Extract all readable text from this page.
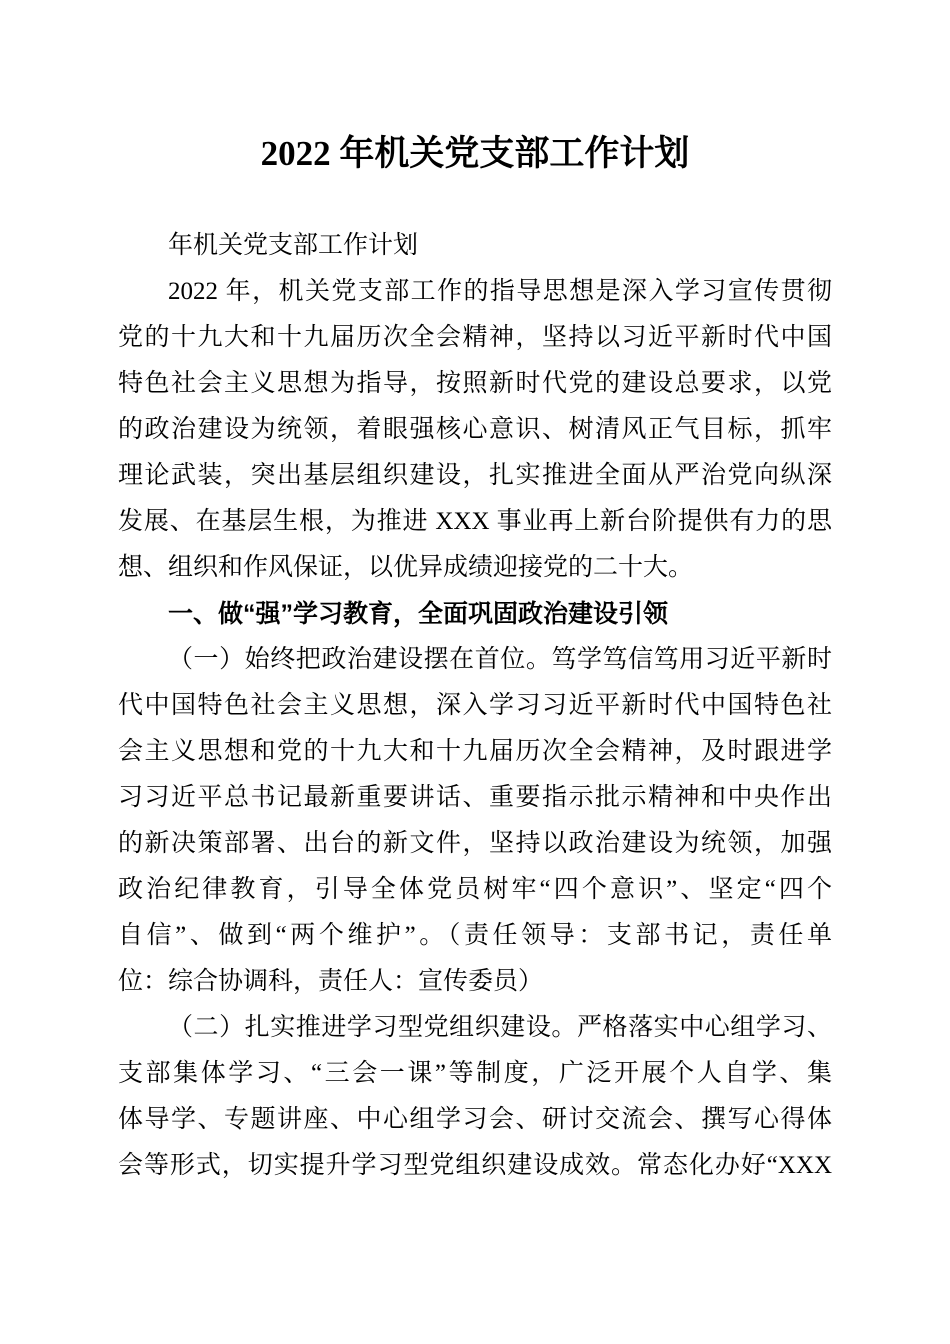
2022 年机关党支部工作计划
年机关党支部工作计划
2022 年，机关党支部工作的指导思想是深入学习宣传贯彻
党的十九大和十九届历次全会精神，坚持以习近平新时代中国
特色社会主义思想为指导，按照新时代党的建设总要求，以党
的政治建设为统领，着眼强核心意识、树清风正气目标，抓牢
理论武装，突出基层组织建设，扎实推进全面从严治党向纵深
发展、在基层生根，为推进 XXX 事业再上新台阶提供有力的思
想、组织和作风保证，以优异成绩迎接党的二十大。
一、做“强”学习教育，全面巩固政治建设引领
（一）始终把政治建设摆在首位。笃学笃信笃用习近平新时
代中国特色社会主义思想，深入学习习近平新时代中国特色社
会主义思想和党的十九大和十九届历次全会精神，及时跟进学
习习近平总书记最新重要讲话、重要指示批示精神和中央作出
的新决策部署、出台的新文件，坚持以政治建设为统领，加强
政治纪律教育，引导全体党员树牢“四个意识”、坚定“四个
自信”、做到“两个维护”。（责任领导：支部书记，责任单
位：综合协调科，责任人：宣传委员）
（二）扎实推进学习型党组织建设。严格落实中心组学习、
支部集体学习、“三会一课”等制度，广泛开展个人自学、集
体导学、专题讲座、中心组学习会、研讨交流会、撰写心得体
会等形式，切实提升学习型党组织建设成效。常态化办好“XXX
